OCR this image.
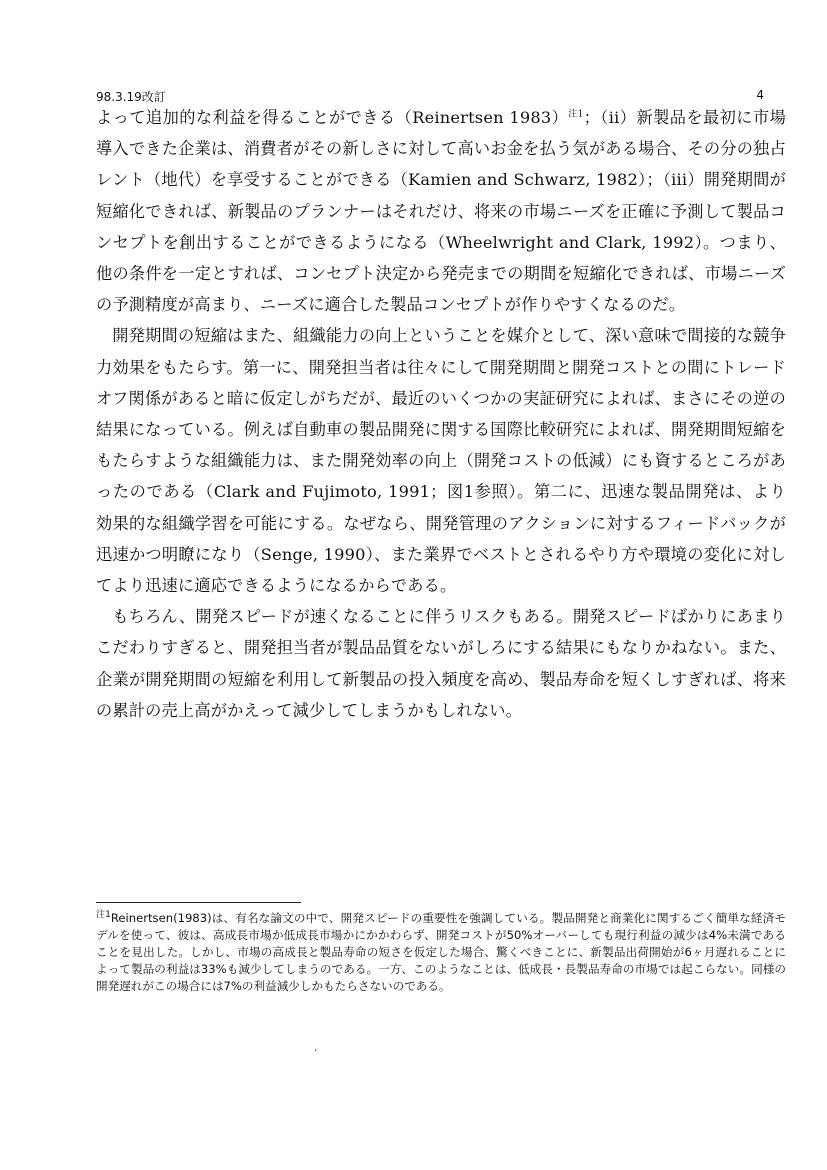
98.3.19改訂	4

よって追加的な利益を得ることができる（Reinertsen 1983）$^{注1}$；（ii）新製品を最初に市場導入できた企業は、消費者がその新しさに対して高いお金を払う気がある場合、その分の独占レント（地代）を享受することができる（Kamien and Schwarz, 1982）；（iii）開発期間が短縮化できれば、新製品のプランナーはそれだけ、将来の市場ニーズを正確に予測して製品コンセプトを創出することができるようになる（Wheelwright and Clark, 1992）。つまり、他の条件を一定とすれば、コンセプト決定から発売までの期間を短縮化できれば、市場ニーズの予測精度が高まり、ニーズに適合した製品コンセプトが作りやすくなるのだ。

開発期間の短縮はまた、組織能力の向上ということを媒介として、深い意味で間接的な競争力効果をもたらす。第一に、開発担当者は往々にして開発期間と開発コストとの間にトレードオフ関係があると暗に仮定しがちだが、最近のいくつかの実証研究によれば、まさにその逆の結果になっている。例えば自動車の製品開発に関する国際比較研究によれば、開発期間短縮をもたらすような組織能力は、また開発効率の向上（開発コストの低減）にも資するところがあったのである（Clark and Fujimoto, 1991；図1参照）。第二に、迅速な製品開発は、より効果的な組織学習を可能にする。なぜなら、開発管理のアクションに対するフィードバックが迅速かつ明瞭になり（Senge, 1990）、また業界でベストとされるやり方や環境の変化に対してより迅速に適応できるようになるからである。

もちろん、開発スピードが速くなることに伴うリスクもある。開発スピードばかりにあまりこだわりすぎると、開発担当者が製品品質をないがしろにする結果にもなりかねない。また、企業が開発期間の短縮を利用して新製品の投入頻度を高め、製品寿命を短くしすぎれば、将来の累計の売上高がかえって減少してしまうかもしれない。

$^{注1}$Reinertsen(1983)は、有名な論文の中で、開発スピードの重要性を強調している。製品開発と商業化に関するごく簡単な経済モデルを使って、彼は、高成長市場か低成長市場かにかかわらず、開発コストが50%オーバーしても現行利益の減少は4%未満であることを見出した。しかし、市場の高成長と製品寿命の短さを仮定した場合、驚くべきことに、新製品出荷開始が6ヶ月遅れることによって製品の利益は33%も減少してしまうのである。一方、このようなことは、低成長・長製品寿命の市場では起こらない。同様の開発遅れがこの場合には7%の利益減少しかもたらさないのである。

.
